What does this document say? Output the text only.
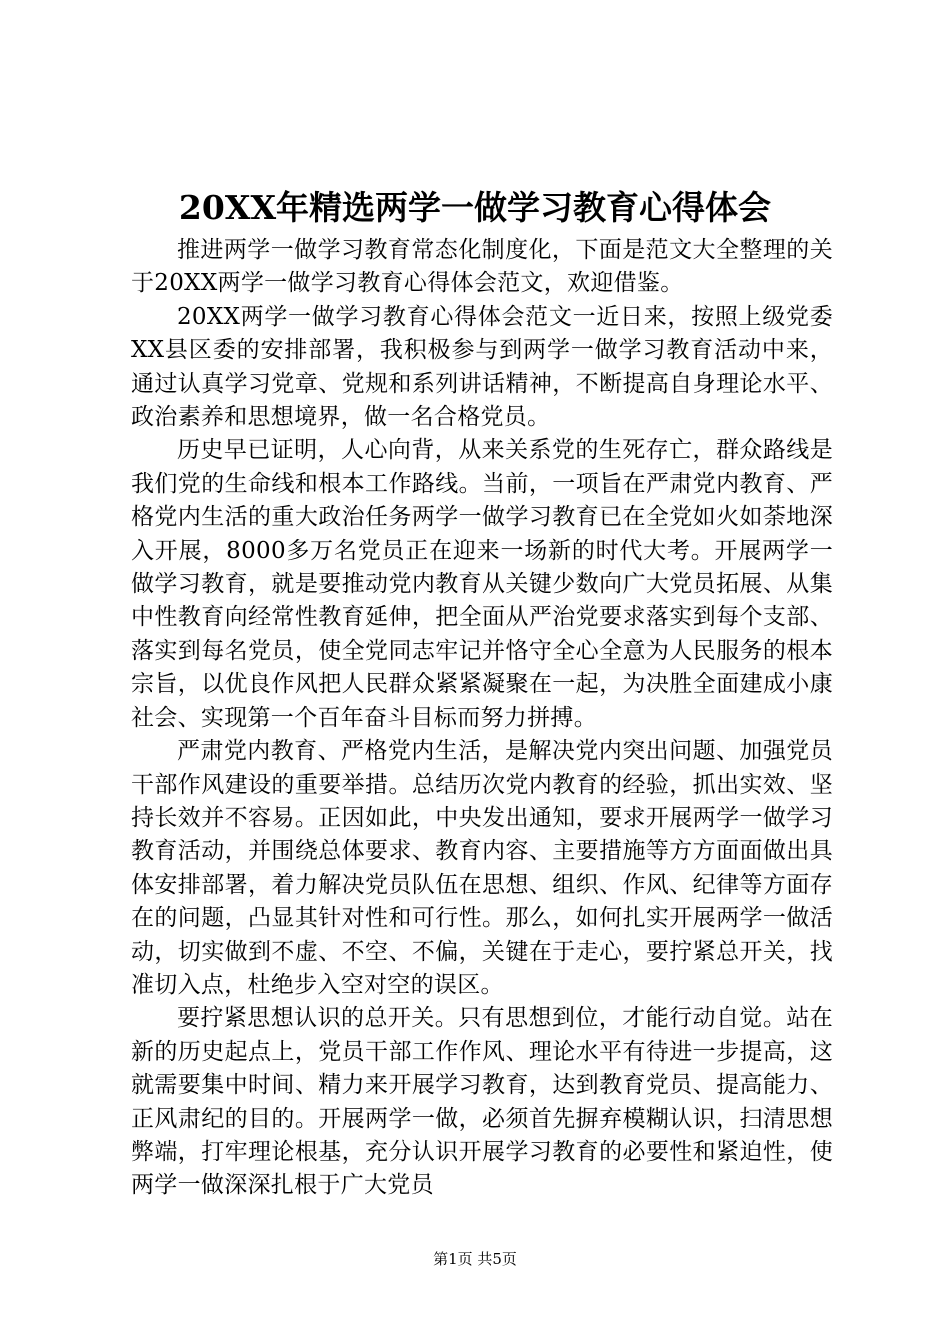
20XX年精选两学一做学习教育心得体会

推进两学一做学习教育常态化制度化，下面是范文大全整理的关于20XX两学一做学习教育心得体会范文，欢迎借鉴。

20XX两学一做学习教育心得体会范文一近日来，按照上级党委XX县区委的安排部署，我积极参与到两学一做学习教育活动中来，通过认真学习党章、党规和系列讲话精神，不断提高自身理论水平、政治素养和思想境界，做一名合格党员。

历史早已证明，人心向背，从来关系党的生死存亡，群众路线是我们党的生命线和根本工作路线。当前，一项旨在严肃党内教育、严格党内生活的重大政治任务两学一做学习教育已在全党如火如荼地深入开展，8000多万名党员正在迎来一场新的时代大考。开展两学一做学习教育，就是要推动党内教育从关键少数向广大党员拓展、从集中性教育向经常性教育延伸，把全面从严治党要求落实到每个支部、落实到每名党员，使全党同志牢记并恪守全心全意为人民服务的根本宗旨，以优良作风把人民群众紧紧凝聚在一起，为决胜全面建成小康社会、实现第一个百年奋斗目标而努力拼搏。

严肃党内教育、严格党内生活，是解决党内突出问题、加强党员干部作风建设的重要举措。总结历次党内教育的经验，抓出实效、坚持长效并不容易。正因如此，中央发出通知，要求开展两学一做学习教育活动，并围绕总体要求、教育内容、主要措施等方方面面做出具体安排部署，着力解决党员队伍在思想、组织、作风、纪律等方面存在的问题，凸显其针对性和可行性。那么，如何扎实开展两学一做活动，切实做到不虚、不空、不偏，关键在于走心，要拧紧总开关，找准切入点，杜绝步入空对空的误区。

要拧紧思想认识的总开关。只有思想到位，才能行动自觉。站在新的历史起点上，党员干部工作作风、理论水平有待进一步提高，这就需要集中时间、精力来开展学习教育，达到教育党员、提高能力、正风肃纪的目的。开展两学一做，必须首先摒弃模糊认识，扫清思想弊端，打牢理论根基，充分认识开展学习教育的必要性和紧迫性，使两学一做深深扎根于广大党员

第1页 共5页
